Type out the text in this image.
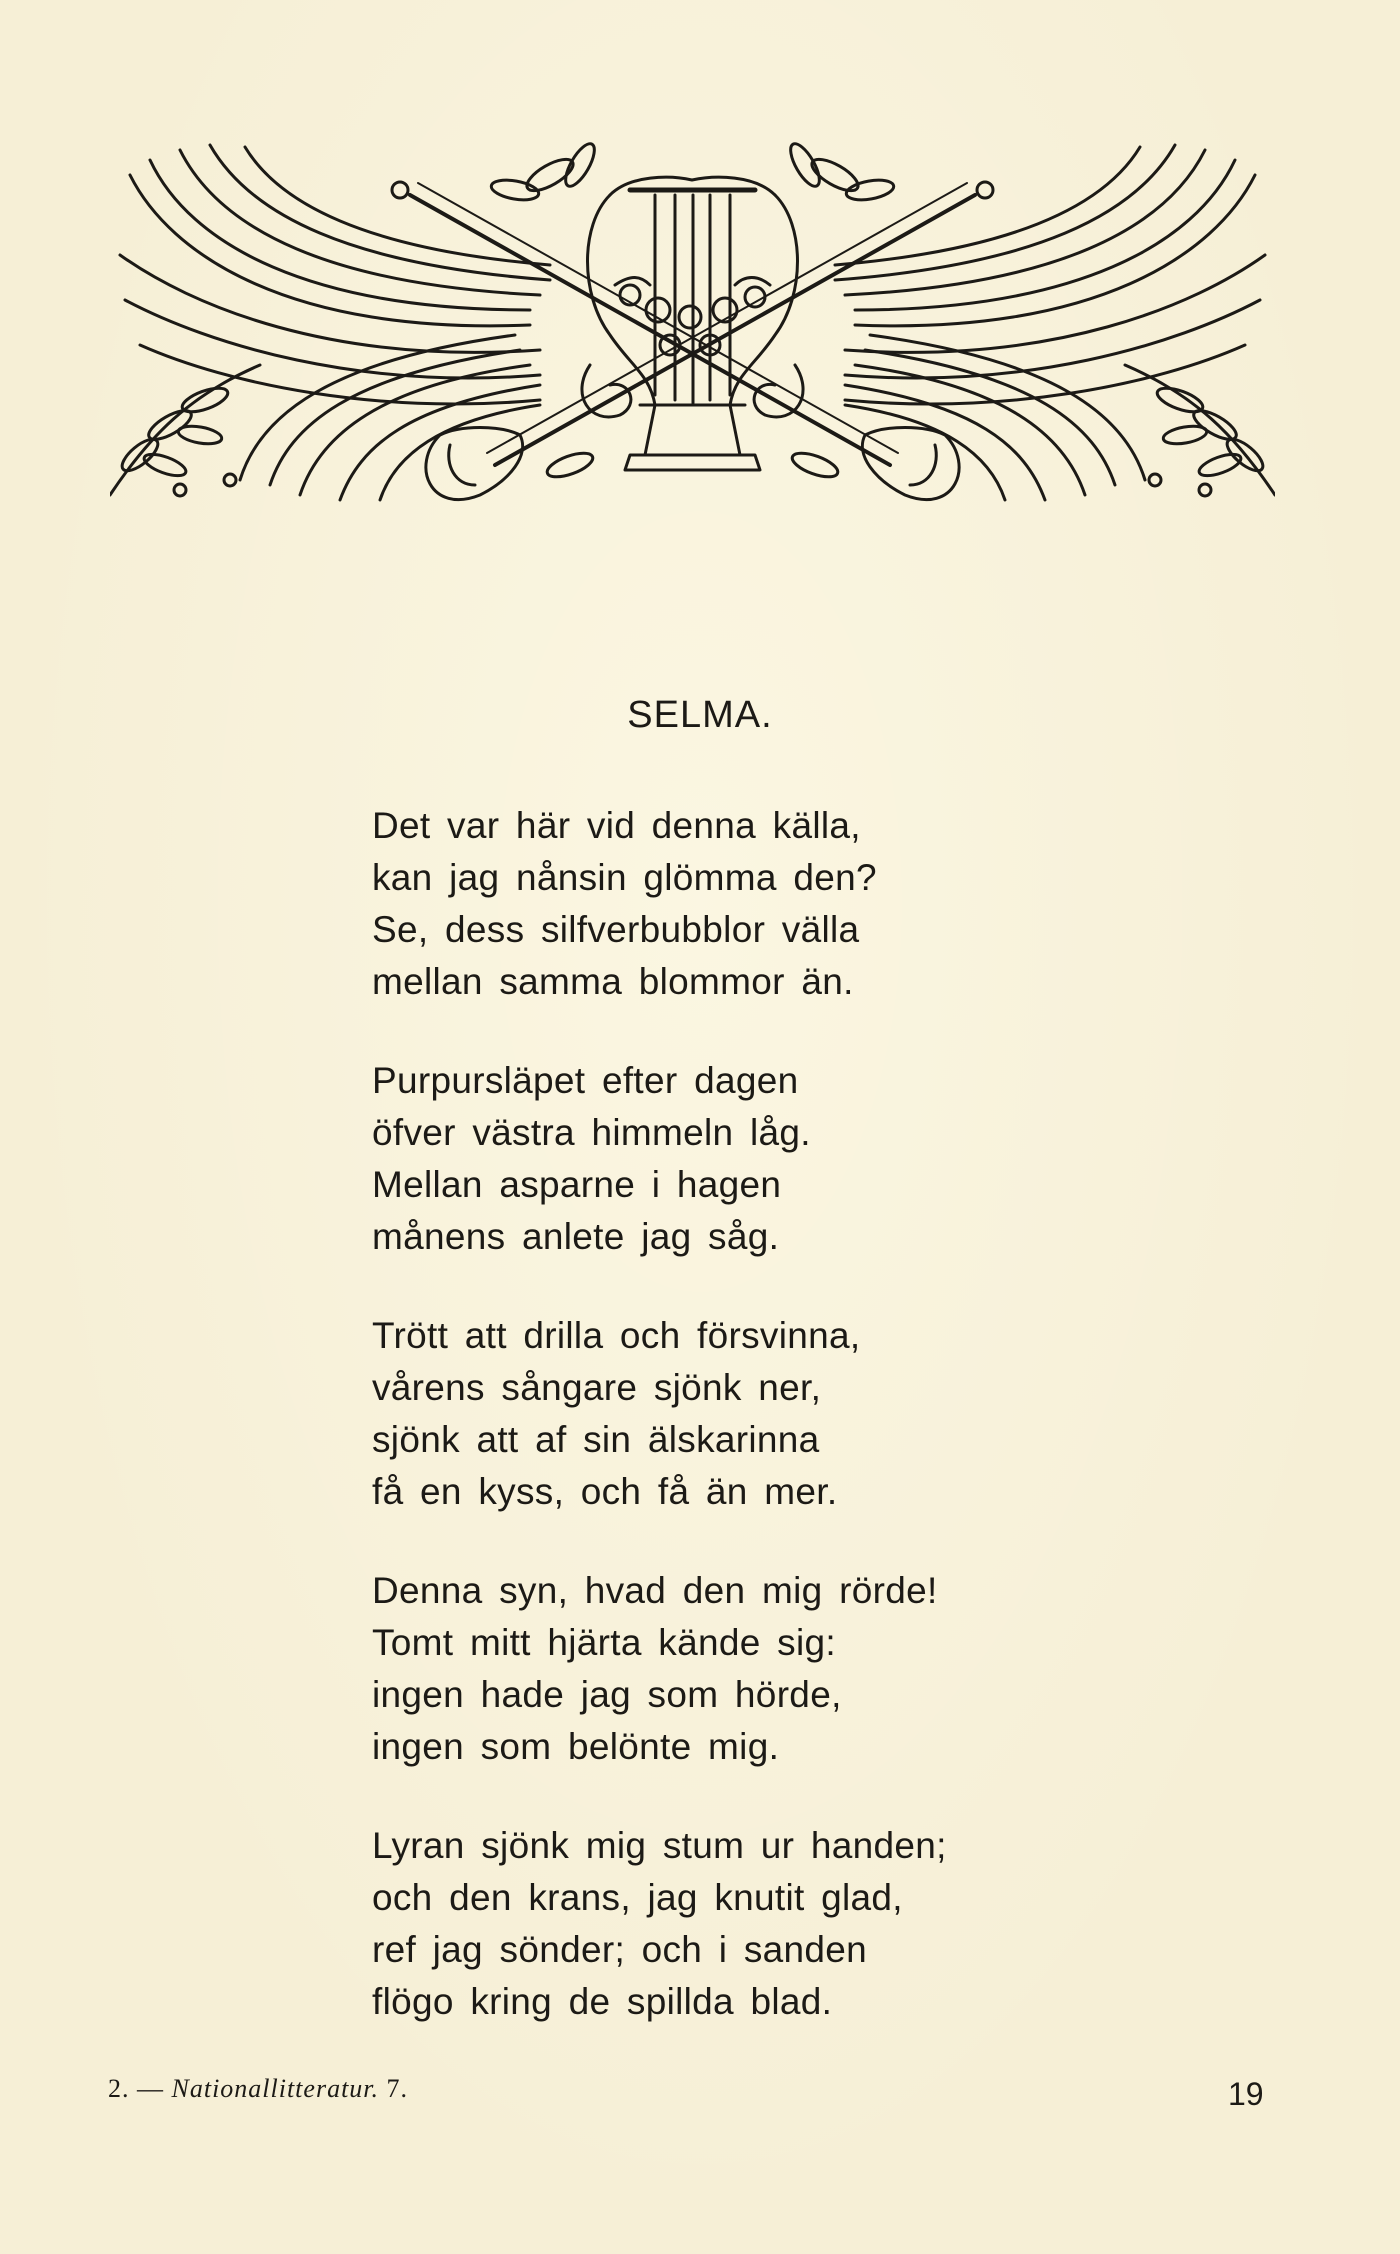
SELMA.
Det var här vid denna källa,
kan jag nånsin glömma den?
Se, dess silfverbubblor välla
mellan samma blommor än.
Purpursläpet efter dagen
öfver västra himmeln låg.
Mellan asparne i hagen
månens anlete jag såg.
Trött att drilla och försvinna,
vårens sångare sjönk ner,
sjönk att af sin älskarinna
få en kyss, och få än mer.
Denna syn, hvad den mig rörde!
Tomt mitt hjärta kände sig:
ingen hade jag som hörde,
ingen som belönte mig.
Lyran sjönk mig stum ur handen;
och den krans, jag knutit glad,
ref jag sönder; och i sanden
flögo kring de spillda blad.
2. — Nationallitteratur. 7.	19
